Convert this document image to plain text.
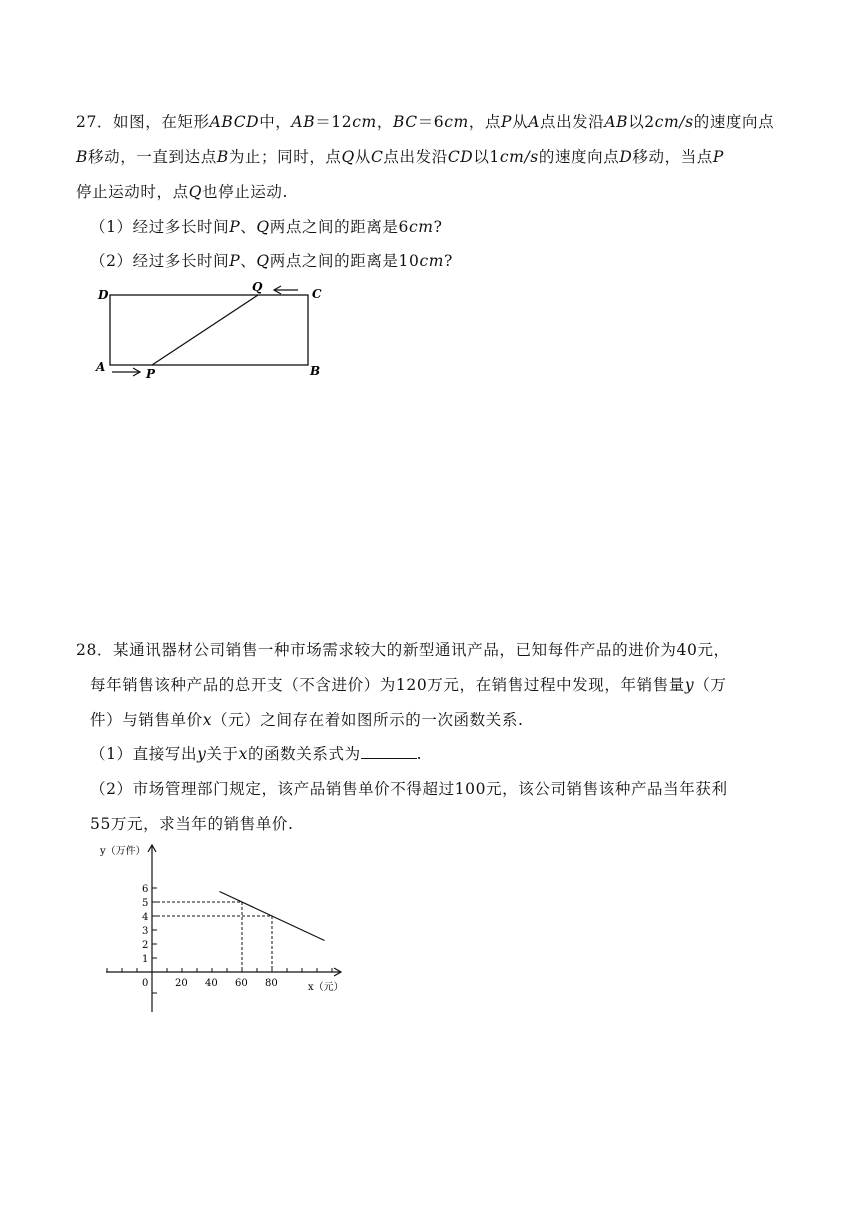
27．如图，在矩形ABCD中，AB＝12cm，BC＝6cm，点P从A点出发沿AB以2cm/s的速度向点
B移动，一直到达点B为止；同时，点Q从C点出发沿CD以1cm/s的速度向点D移动，当点P
停止运动时，点Q也停止运动.
（1）经过多长时间P、Q两点之间的距离是6cm?
（2）经过多长时间P、Q两点之间的距离是10cm?
D	C
A	B
P
Q
28．某通讯器材公司销售一种市场需求较大的新型通讯产品，已知每件产品的进价为40元，
每年销售该种产品的总开支（不含进价）为120万元，在销售过程中发现，年销售量y（万
件）与销售单价x（元）之间存在着如图所示的一次函数关系.
（1）直接写出y关于x的函数关系式为	.
（2）市场管理部门规定，该产品销售单价不得超过100元，该公司销售该种产品当年获利
55万元，求当年的销售单价.
20 40 60 80
1
2
3
4
5
6
y（万件）
x（元）
0
